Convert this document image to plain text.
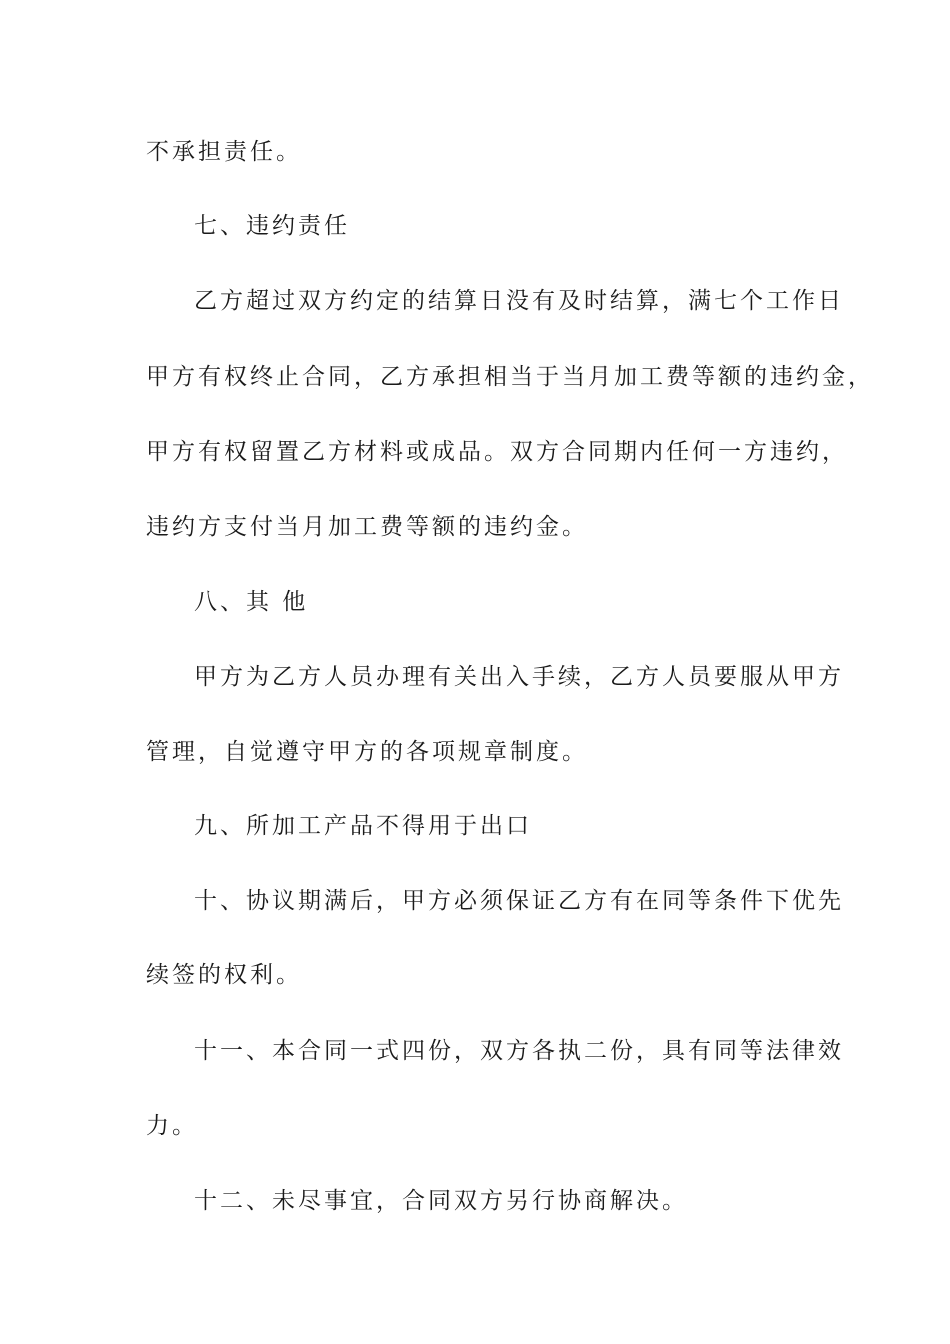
不承担责任。
七、违约责任
乙方超过双方约定的结算日没有及时结算，满七个工作日
甲方有权终止合同，乙方承担相当于当月加工费等额的违约金，
甲方有权留置乙方材料或成品。双方合同期内任何一方违约，
违约方支付当月加工费等额的违约金。
八、其 他
甲方为乙方人员办理有关出入手续，乙方人员要服从甲方
管理，自觉遵守甲方的各项规章制度。
九、所加工产品不得用于出口
十、协议期满后，甲方必须保证乙方有在同等条件下优先
续签的权利。
十一、本合同一式四份，双方各执二份，具有同等法律效
力。
十二、未尽事宜，合同双方另行协商解决。
